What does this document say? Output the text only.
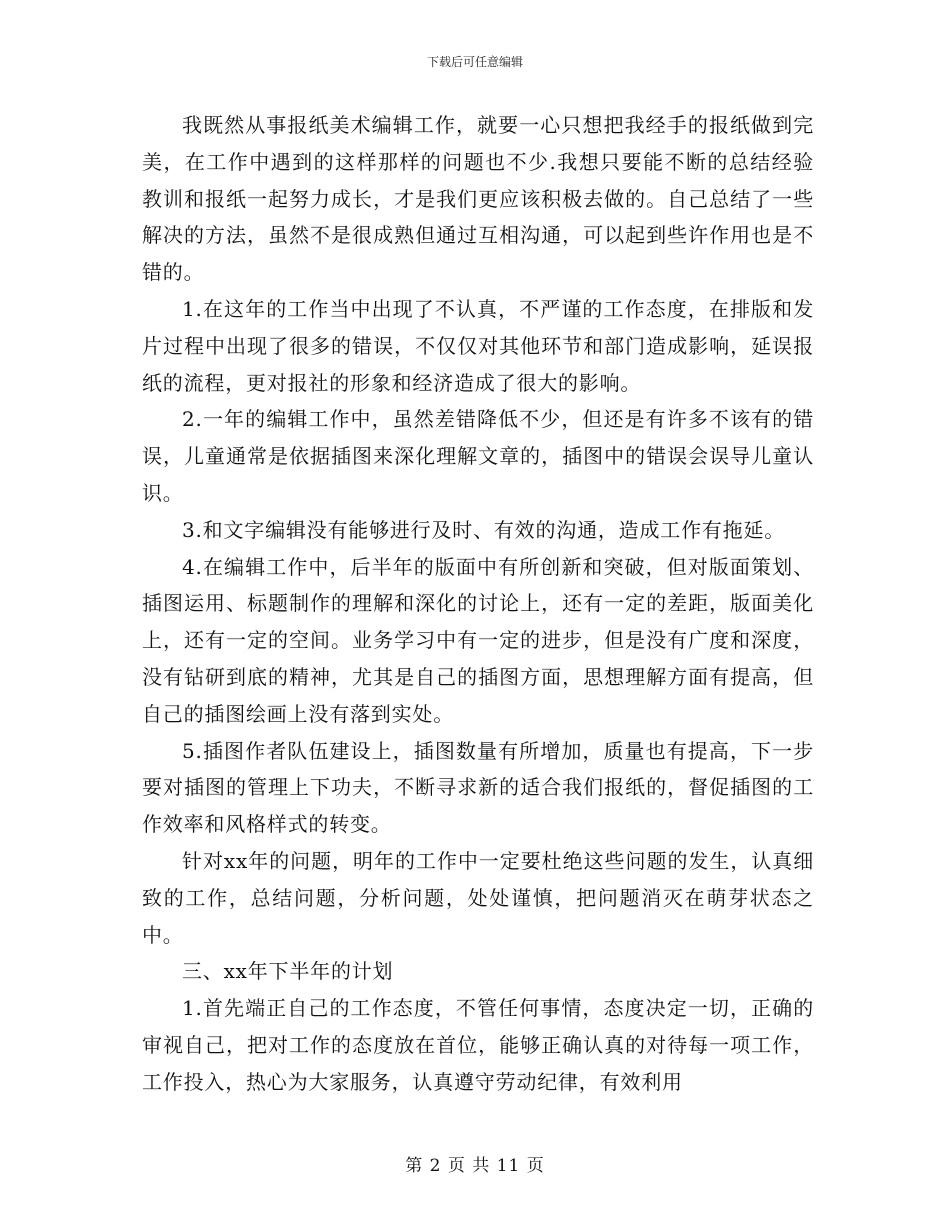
下载后可任意编辑

我既然从事报纸美术编辑工作，就要一心只想把我经手的报纸做到完美，在工作中遇到的这样那样的问题也不少.我想只要能不断的总结经验教训和报纸一起努力成长，才是我们更应该积极去做的。自己总结了一些解决的方法，虽然不是很成熟但通过互相沟通，可以起到些许作用也是不错的。

1.在这年的工作当中出现了不认真，不严谨的工作态度，在排版和发片过程中出现了很多的错误，不仅仅对其他环节和部门造成影响，延误报纸的流程，更对报社的形象和经济造成了很大的影响。

2.一年的编辑工作中，虽然差错降低不少，但还是有许多不该有的错误，儿童通常是依据插图来深化理解文章的，插图中的错误会误导儿童认识。

3.和文字编辑没有能够进行及时、有效的沟通，造成工作有拖延。

4.在编辑工作中，后半年的版面中有所创新和突破，但对版面策划、插图运用、标题制作的理解和深化的讨论上，还有一定的差距，版面美化上，还有一定的空间。业务学习中有一定的进步，但是没有广度和深度，没有钻研到底的精神，尤其是自己的插图方面，思想理解方面有提高，但自己的插图绘画上没有落到实处。

5.插图作者队伍建设上，插图数量有所增加，质量也有提高，下一步要对插图的管理上下功夫，不断寻求新的适合我们报纸的，督促插图的工作效率和风格样式的转变。

针对xx年的问题，明年的工作中一定要杜绝这些问题的发生，认真细致的工作，总结问题，分析问题，处处谨慎，把问题消灭在萌芽状态之中。

三、xx年下半年的计划

1.首先端正自己的工作态度，不管任何事情，态度决定一切，正确的审视自己，把对工作的态度放在首位，能够正确认真的对待每一项工作，工作投入，热心为大家服务，认真遵守劳动纪律，有效利用

第 2 页 共 11 页
